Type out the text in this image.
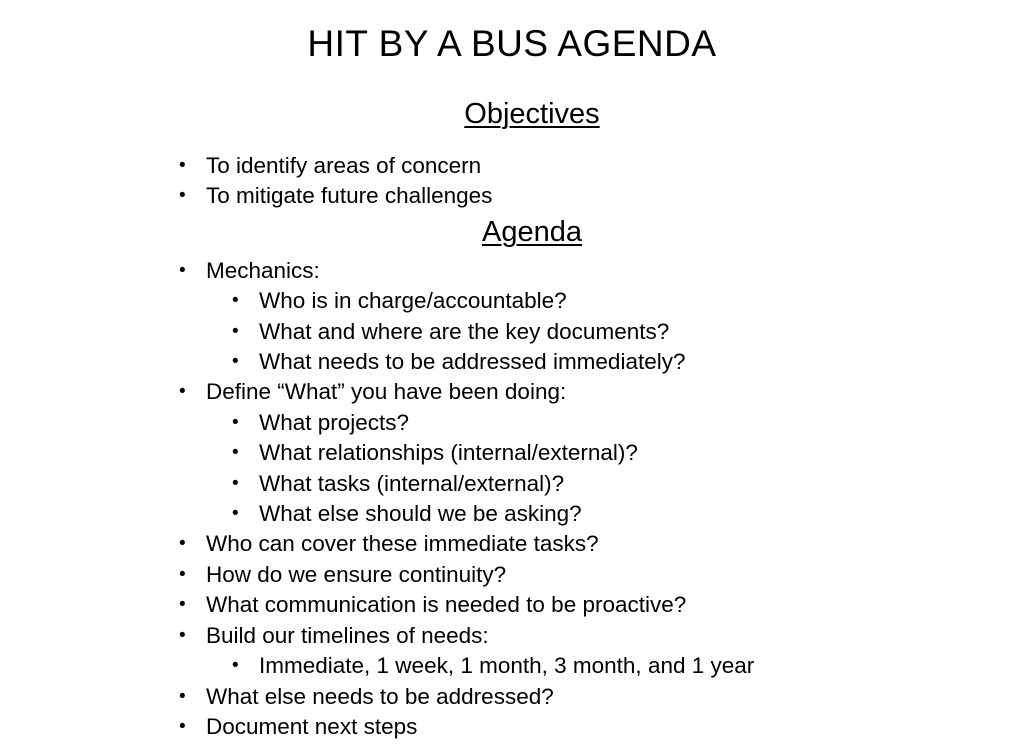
HIT BY A BUS AGENDA
Objectives
• To identify areas of concern
• To mitigate future challenges
Agenda
• Mechanics:
• Who is in charge/accountable?
• What and where are the key documents?
• What needs to be addressed immediately?
• Define “What” you have been doing:
• What projects?
• What relationships (internal/external)?
• What tasks (internal/external)?
• What else should we be asking?
• Who can cover these immediate tasks?
• How do we ensure continuity?
• What communication is needed to be proactive?
• Build our timelines of needs:
• Immediate, 1 week, 1 month, 3 month, and 1 year
• What else needs to be addressed?
• Document next steps
